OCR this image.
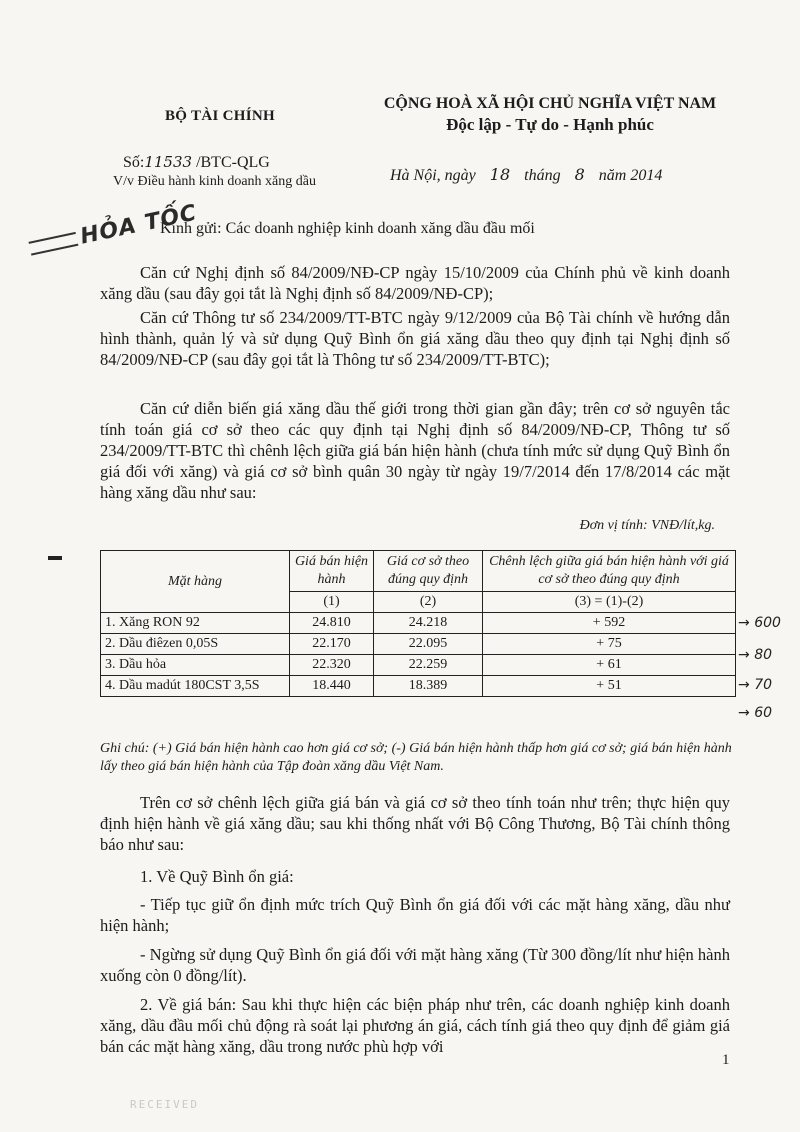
BỘ TÀI CHÍNH
Số:11533 /BTC-QLG
V/v Điều hành kinh doanh xăng dầu
CỘNG HOÀ XÃ HỘI CHỦ NGHĨA VIỆT NAM
Độc lập - Tự do - Hạnh phúc
Hà Nội, ngày 18 tháng 8 năm 2014
HỎA TỐC
Kính gửi: Các doanh nghiệp kinh doanh xăng dầu đầu mối
Căn cứ Nghị định số 84/2009/NĐ-CP ngày 15/10/2009 của Chính phủ về kinh doanh xăng dầu (sau đây gọi tắt là Nghị định số 84/2009/NĐ-CP);
Căn cứ Thông tư số 234/2009/TT-BTC ngày 9/12/2009 của Bộ Tài chính về hướng dẫn hình thành, quản lý và sử dụng Quỹ Bình ổn giá xăng dầu theo quy định tại Nghị định số 84/2009/NĐ-CP (sau đây gọi tắt là Thông tư số 234/2009/TT-BTC);
Căn cứ diễn biến giá xăng dầu thế giới trong thời gian gần đây; trên cơ sở nguyên tắc tính toán giá cơ sở theo các quy định tại Nghị định số 84/2009/NĐ-CP, Thông tư số 234/2009/TT-BTC thì chênh lệch giữa giá bán hiện hành (chưa tính mức sử dụng Quỹ Bình ổn giá đối với xăng) và giá cơ sở bình quân 30 ngày từ ngày 19/7/2014 đến 17/8/2014 các mặt hàng xăng dầu như sau:
Đơn vị tính: VNĐ/lít,kg.
Mặt hàng	Giá bán hiện hành	Giá cơ sở theo đúng quy định	Chênh lệch giữa giá bán hiện hành với giá cơ sở theo đúng quy định
	(1)	(2)	(3) = (1)-(2)
1. Xăng RON 92	24.810	24.218	+ 592
2. Dầu điêzen 0,05S	22.170	22.095	+ 75
3. Dầu hỏa	22.320	22.259	+ 61
4. Dầu madút 180CST 3,5S	18.440	18.389	+ 51
→ 600
→ 80
→ 70
→ 60
Ghi chú: (+) Giá bán hiện hành cao hơn giá cơ sở; (-) Giá bán hiện hành thấp hơn giá cơ sở; giá bán hiện hành lấy theo giá bán hiện hành của Tập đoàn xăng dầu Việt Nam.
Trên cơ sở chênh lệch giữa giá bán và giá cơ sở theo tính toán như trên; thực hiện quy định hiện hành về giá xăng dầu; sau khi thống nhất với Bộ Công Thương, Bộ Tài chính thông báo như sau:
1. Về Quỹ Bình ổn giá:
- Tiếp tục giữ ổn định mức trích Quỹ Bình ổn giá đối với các mặt hàng xăng, dầu như hiện hành;
- Ngừng sử dụng Quỹ Bình ổn giá đối với mặt hàng xăng (Từ 300 đồng/lít như hiện hành xuống còn 0 đồng/lít).
2. Về giá bán: Sau khi thực hiện các biện pháp như trên, các doanh nghiệp kinh doanh xăng, dầu đầu mối chủ động rà soát lại phương án giá, cách tính giá theo quy định để giảm giá bán các mặt hàng xăng, dầu trong nước phù hợp với
1
RECEIVED
